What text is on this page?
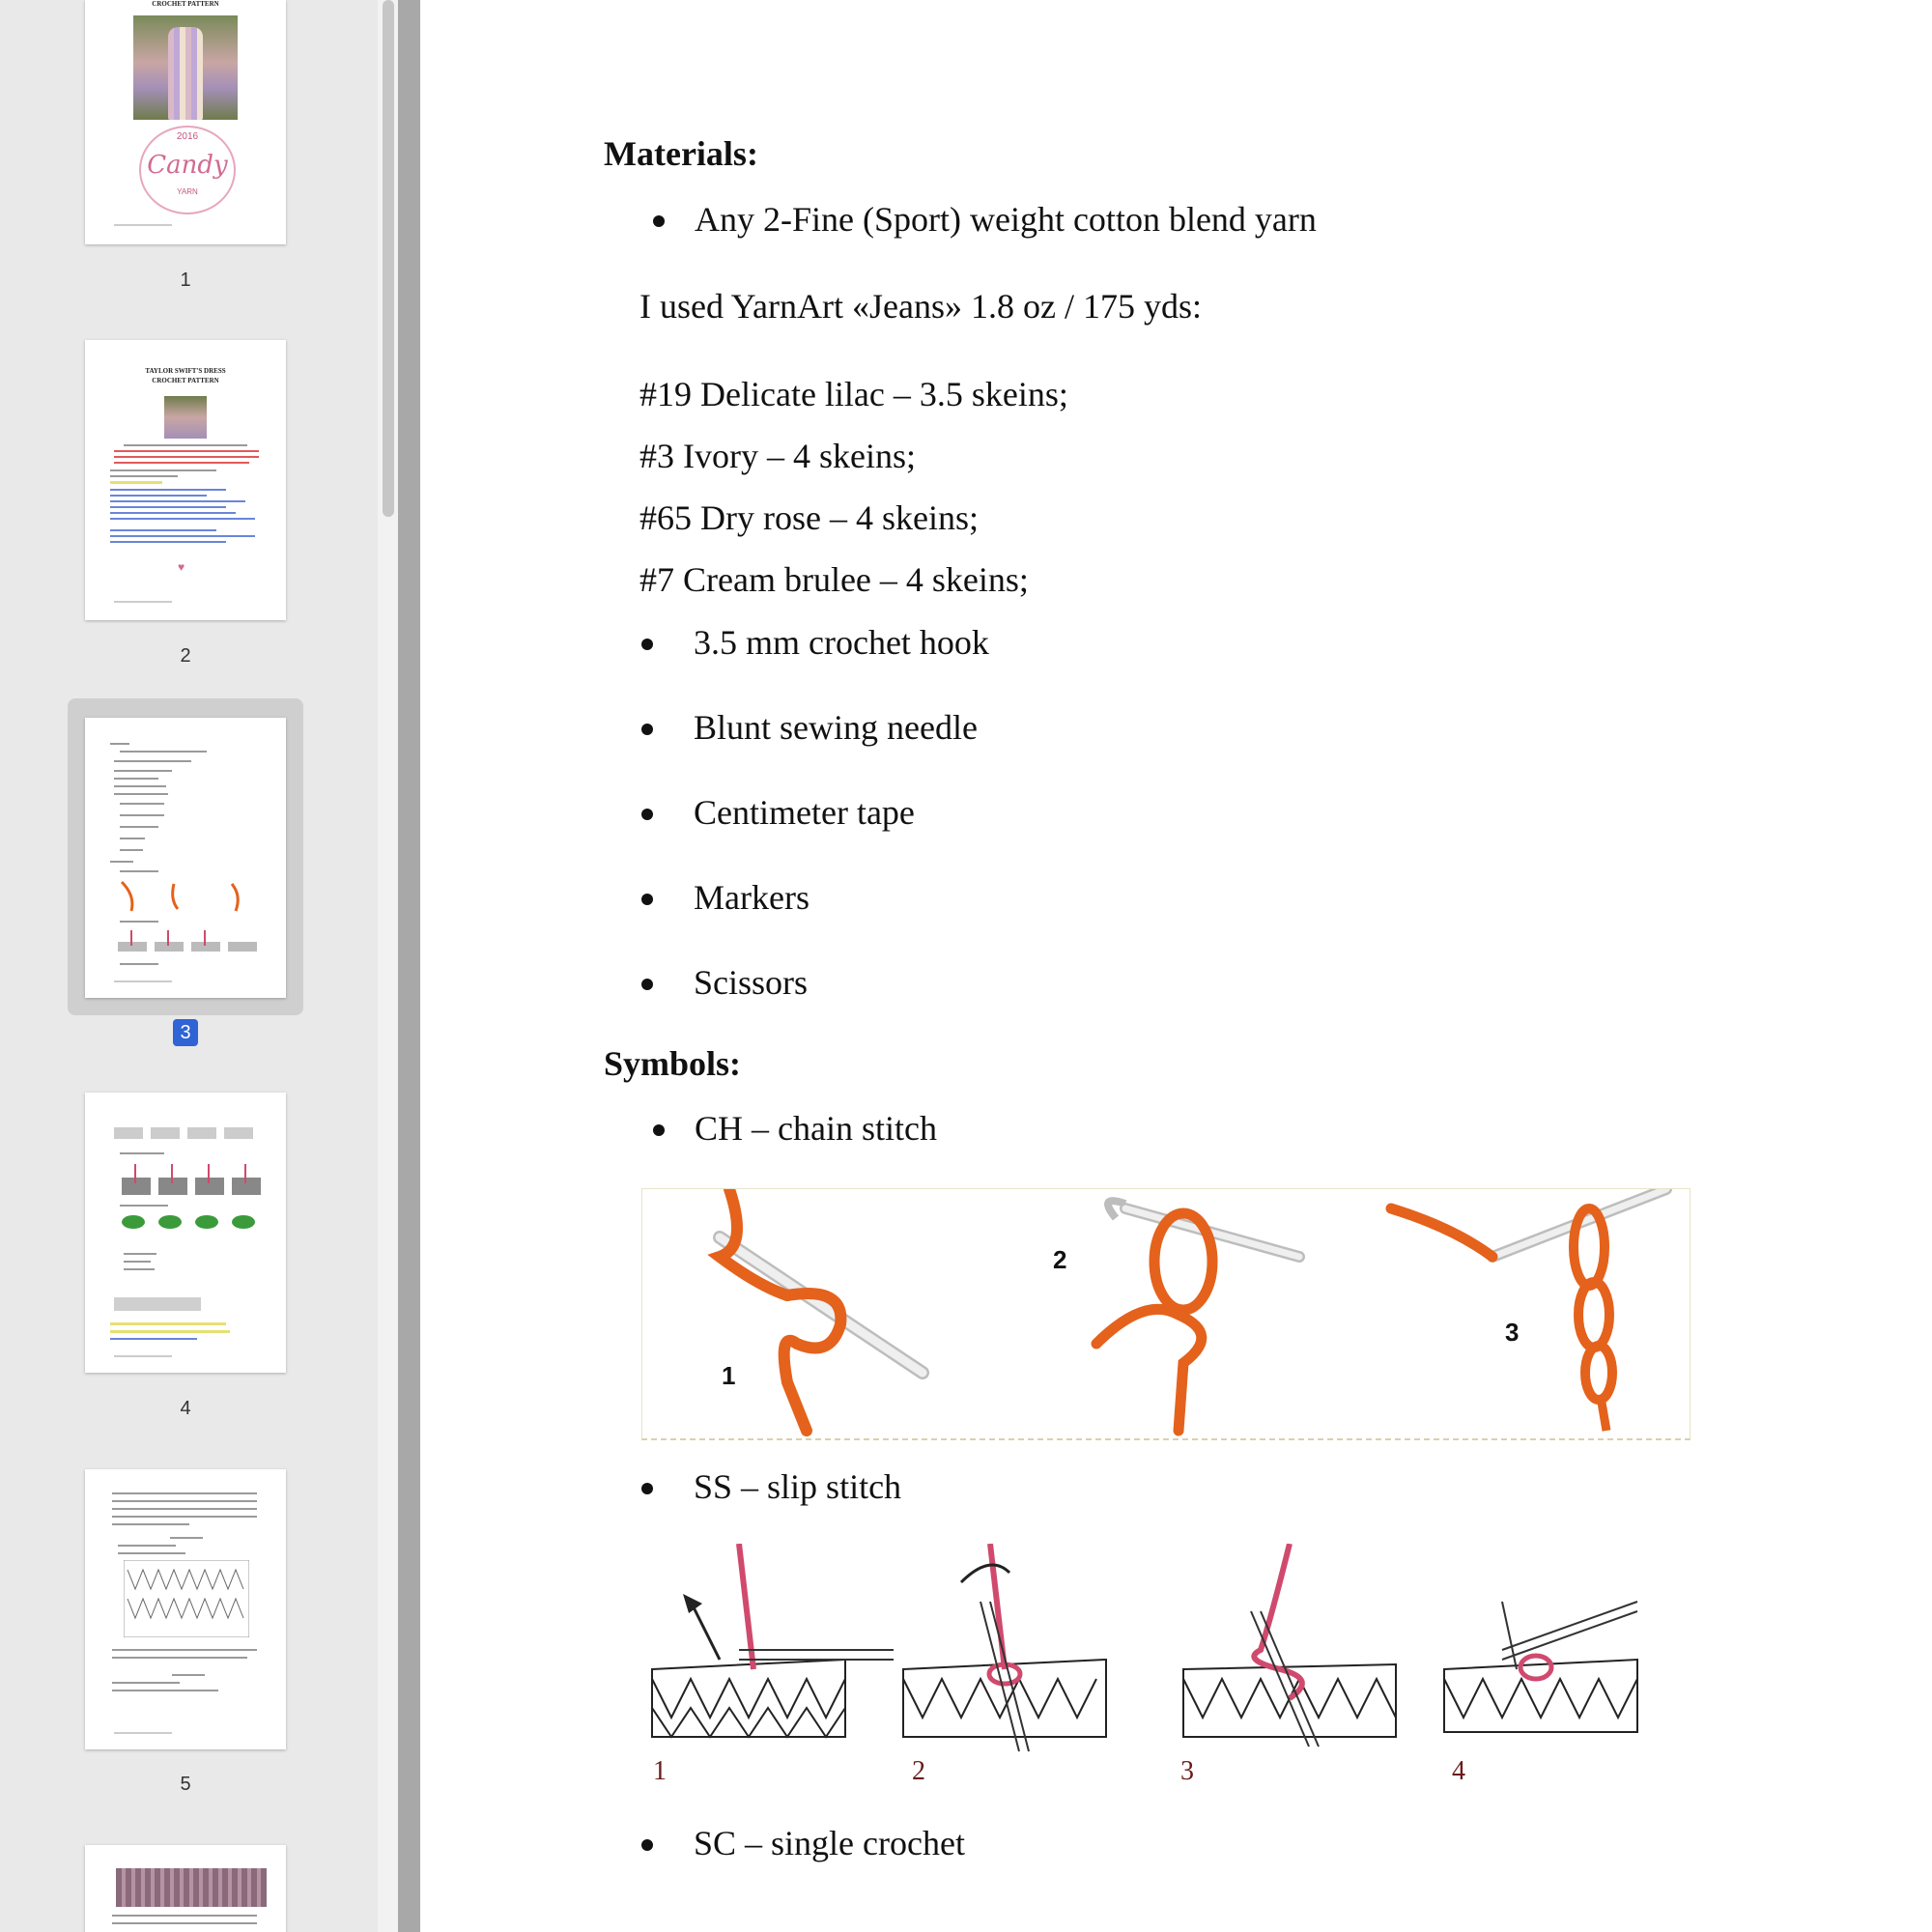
CROCHET PATTERN
2016
Candy
YARN
1
TAYLOR SWIFT'S DRESS
CROCHET PATTERN
♥
2
3
4
5
Materials:
Any 2-Fine (Sport) weight cotton blend yarn
I used YarnArt «Jeans» 1.8 oz / 175 yds:
#19 Delicate lilac – 3.5 skeins;
#3 Ivory – 4 skeins;
#65 Dry rose – 4 skeins;
#7 Cream brulee – 4 skeins;
3.5 mm crochet hook
Blunt sewing needle
Centimeter tape
Markers
Scissors
Symbols:
CH – chain stitch
1
2
3
SS – slip stitch
1	2	3	4
SC – single crochet
